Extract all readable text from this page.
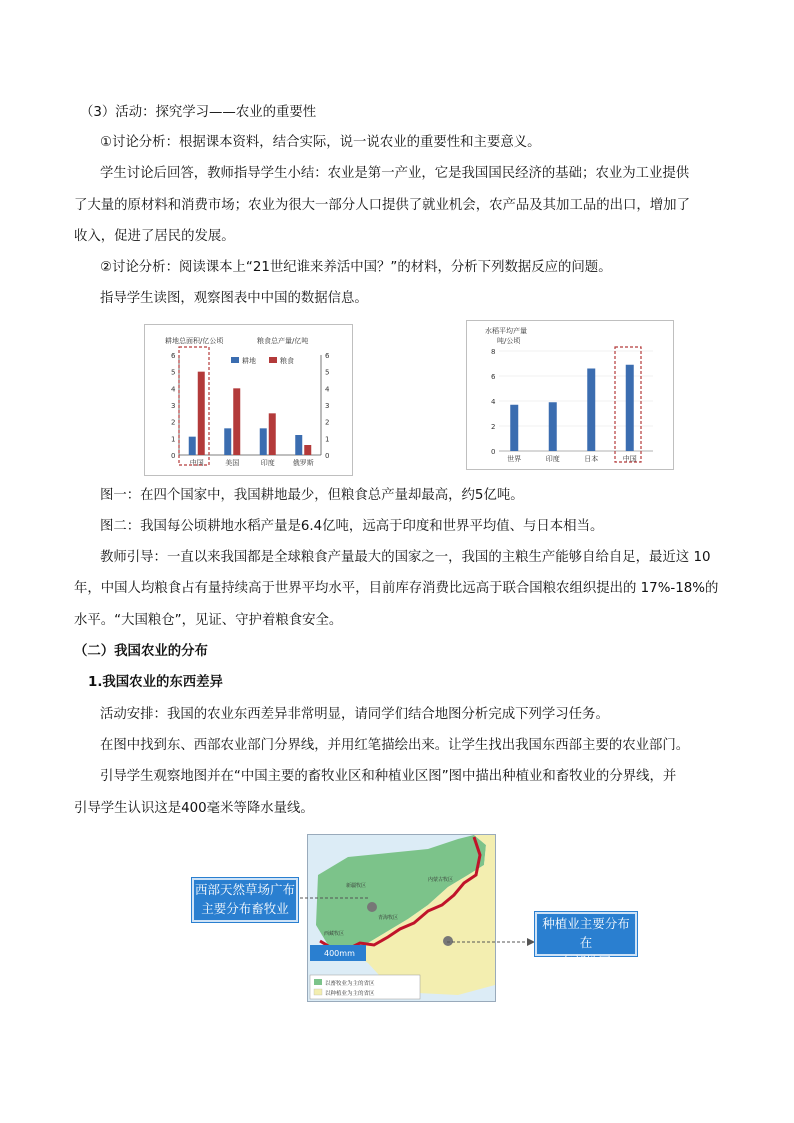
（3）活动：探究学习——农业的重要性
①讨论分析：根据课本资料，结合实际，说一说农业的重要性和主要意义。
学生讨论后回答，教师指导学生小结：农业是第一产业，它是我国国民经济的基础；农业为工业提供
了大量的原材料和消费市场；农业为很大一部分人口提供了就业机会，农产品及其加工品的出口，增加了
收入，促进了居民的发展。
②讨论分析：阅读课本上“21世纪谁来养活中国？”的材料，分析下列数据反应的问题。
指导学生读图，观察图表中中国的数据信息。
耕地总面积/亿公顷	粮食总产量/亿吨
耕地	粮食
0	0
1	1
2	2
3	3
4	4
5	5
6	6
中国	美国	印度	俄罗斯
水稻平均产量
吨/公顷
0
2
4
6
8
世界	印度	日本	中国
图一：在四个国家中，我国耕地最少，但粮食总产量却最高，约5亿吨。
图二：我国每公顷耕地水稻产量是6.4亿吨，远高于印度和世界平均值、与日本相当。
教师引导：一直以来我国都是全球粮食产量最大的国家之一，我国的主粮生产能够自给自足，最近这 10
年，中国人均粮食占有量持续高于世界平均水平，目前库存消费比远高于联合国粮农组织提出的 17%-18%的
水平。“大国粮仓”，见证、守护着粮食安全。
（二）我国农业的分布
1.我国农业的东西差异
活动安排：我国的农业东西差异非常明显，请同学们结合地图分析完成下列学习任务。
在图中找到东、西部农业部门分界线，并用红笔描绘出来。让学生找出我国东西部主要的农业部门。
引导学生观察地图并在“中国主要的畜牧业区和种植业区图”图中描出种植业和畜牧业的分界线，并
引导学生认识这是400毫米等降水量线。
新疆牧区
青海牧区
西藏牧区
内蒙古牧区
400mm
以畜牧业为主的省区
以种植业为主的省区
西部天然草场广布
主要分布畜牧业
种植业主要分布在
东部地区
